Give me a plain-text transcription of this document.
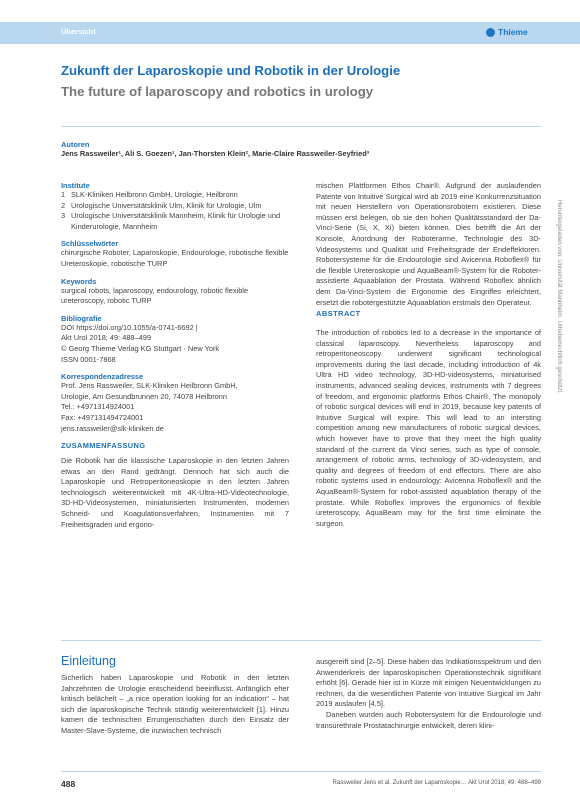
Übersicht	Thieme
Zukunft der Laparoskopie und Robotik in der Urologie
The future of laparoscopy and robotics in urology

Autoren

Jens Rassweiler¹, Ali S. Goezen¹, Jan-Thorsten Klein², Marie-Claire Rassweiler-Seyfried³

Institute

1 SLK-Kliniken Heilbronn GmbH, Urologie, Heilbronn
2 Urologische Universitätsklinik Ulm, Klinik für Urologie, Ulm
3 Urologische Universitätsklinik Mannheim, Klinik für Urologie und Kinderurologie, Mannheim

Schlüsselwörter

chirurgische Roboter, Laparoskopie, Endourologie, robotische flexible Ureteroskopie, robotische TURP

Keywords

surgical robots, laparoscopy, endourology, robotic flexible ureteroscopy, robotic TURP

Bibliografie

DOI https://doi.org/10.1055/a-0741-6692 |

Akt Urol 2018; 49: 488–499

© Georg Thieme Verlag KG Stuttgart · New York

ISSN 0001-7868

Korrespondenzadresse

Prof. Jens Rassweiler, SLK-Kliniken Heilbronn GmbH,

Urologie, Am Gesundbrunnen 20, 74078 Heilbronn

Tel.: +4971314924001

Fax: +497131494724001

jens.rassweiler@slk-kliniken.de

ZUSAMMENFASSUNG

Die Robotik hat die klassische Laparoskopie in den letzten Jahren etwas an den Rand gedrängt. Dennoch hat sich auch die Laparoskopie und Retroperitoneoskopie in den letzten Jahren technologisch weiterentwickelt mit 4K-Ultra-HD-Videotechnologie, 3D-HD-Videosystemen, miniaturisierten Instrumenten, modernen Schneid- und Koagulationsverfahren, Instrumenten mit 7 Freiheitsgraden und ergono-

mischen Plattformen Ethos Chair®. Aufgrund der auslaufenden Patente von Intuitive Surgical wird ab 2019 eine Konkurrenzsituation mit neuen Herstellern von Operationsrobotern existieren. Diese müssen erst belegen, ob sie den hohen Qualitätsstandard der Da-Vinci-Serie (Si, X, Xi) bieten können. Dies betrifft die Art der Konsole, Anordnung der Roboterarme, Technologie des 3D-Videosystems und Qualität und Freiheitsgrade der Endeffektoren. Robotersysteme für die Endourologie sind Avicenna Roboflex® für die flexible Ureteroskopie und AquaBeam®-System für die Roboter-assistierte Aquaablation der Prostata. Während Roboflex ähnlich dem Da-Vinci-System die Ergonomie des Eingriffes erleichtert, ersetzt die robotergestützte Aquaablation erstmals den Operateur.

ABSTRACT

The introduction of robotics led to a decrease in the importance of classical laparoscopy. Nevertheless laparoscopy and retroperitoneoscopy underwent significant technological improvements during the last decade, including introduction of 4k Ultra HD video technology, 3D-HD-videosystems, miniaturised instruments, advanced sealing devices, instruments with 7 degrees of freedom, and ergonomic platforms Ethos Chair®. The monopoly of robotic surgical devices will end in 2019, because key patents of Intuitive Surgical will expire. This will lead to an intersting competition among new manufacturers of robotic surgical devices, which however have to prove that they meet the high quality standard of the current da Vinci series, such as type of console, arrangement of robotic arms, technology of 3D-videosystem, and quality and degrees of freedom of end effectors. There are also robotic systems used in endourology: Avicenna Roboflex® and the AquaBeam®-System for robot-assisted aquablation therapy of the prostate. While Roboflex improves the ergonomics of flexible ureteroscopy, AquaBeam may for the first time eliminate the surgeon.

Einleitung

Sicherlich haben Laparoskopie und Robotik in den letzten Jahrzehnten die Urologie entscheidend beeinflusst. Anfänglich eher kritisch belächelt – „a nice operation looking for an indication“ – hat sich die laparoskopische Technik ständig weiterentwickelt [1]. Hinzu kamen die technischen Errungenschaften durch den Einsatz der Master-Slave-Systeme, die inzwischen technisch

ausgereift sind [2–5]. Diese haben das Indikationsspektrum und den Anwenderkreis der laparoskopischen Operationstechnik signifikant erhöht [6]. Gerade hier ist in Kürze mit einigen Neuentwicklungen zu rechnen, da die wesentlichen Patente von Intuitive Surgical im Jahr 2019 auslaufen [4,5].

Daneben wurden auch Robotersystem für die Endourologie und transurethrale Prostatachirurgie entwickelt, deren klini-

488	Rassweiler Jens et al. Zukunft der Laparoskopie… Akt Urol 2018; 49: 488–499
Heruntergeladen von: Universität Mannheim. Urheberrechtlich geschützt.
